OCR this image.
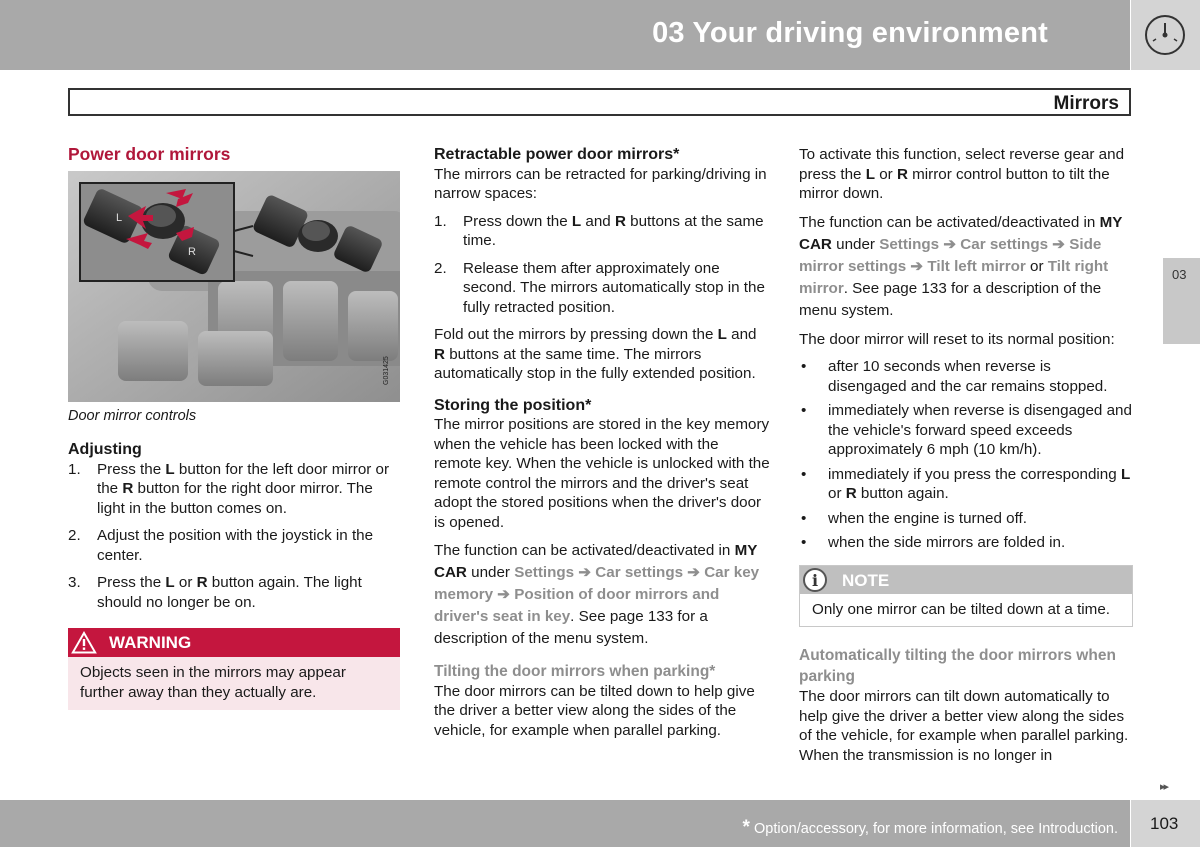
03 Your driving environment
Mirrors
03
Power door mirrors
L
R
G031425
Door mirror controls
Adjusting
1. Press the L button for the left door mirror or the R button for the right door mirror. The light in the button comes on.
2. Adjust the position with the joystick in the center.
3. Press the L or R button again. The light should no longer be on.
WARNING
Objects seen in the mirrors may appear further away than they actually are.
Retractable power door mirrors*

The mirrors can be retracted for parking/driving in narrow spaces:

1. Press down the L and R buttons at the same time.
2. Release them after approximately one second. The mirrors automatically stop in the fully retracted position.

Fold out the mirrors by pressing down the L and R buttons at the same time. The mirrors automatically stop in the fully extended position.

Storing the position*

The mirror positions are stored in the key memory when the vehicle has been locked with the remote key. When the vehicle is unlocked with the remote control the mirrors and the driver's seat adopt the stored positions when the driver's door is opened.

The function can be activated/deactivated in MY CAR under Settings ➔ Car settings ➔ Car key memory ➔ Position of door mirrors and driver's seat in key. See page 133 for a description of the menu system.

Tilting the door mirrors when parking*

The door mirrors can be tilted down to help give the driver a better view along the sides of the vehicle, for example when parallel parking.

To activate this function, select reverse gear and press the L or R mirror control button to tilt the mirror down.

The function can be activated/deactivated in MY CAR under Settings ➔ Car settings ➔ Side mirror settings ➔ Tilt left mirror or Tilt right mirror. See page 133 for a description of the menu system.

The door mirror will reset to its normal position:

• after 10 seconds when reverse is disengaged and the car remains stopped.
• immediately when reverse is disengaged and the vehicle's forward speed exceeds approximately 6 mph (10 km/h).
• immediately if you press the corresponding L or R button again.
• when the engine is turned off.
• when the side mirrors are folded in.
i	NOTE
Only one mirror can be tilted down at a time.
Automatically tilting the door mirrors when parking

The door mirrors can tilt down automatically to help give the driver a better view along the sides of the vehicle, for example when parallel parking. When the transmission is no longer in

▸▸
* Option/accessory, for more information, see Introduction. 103
